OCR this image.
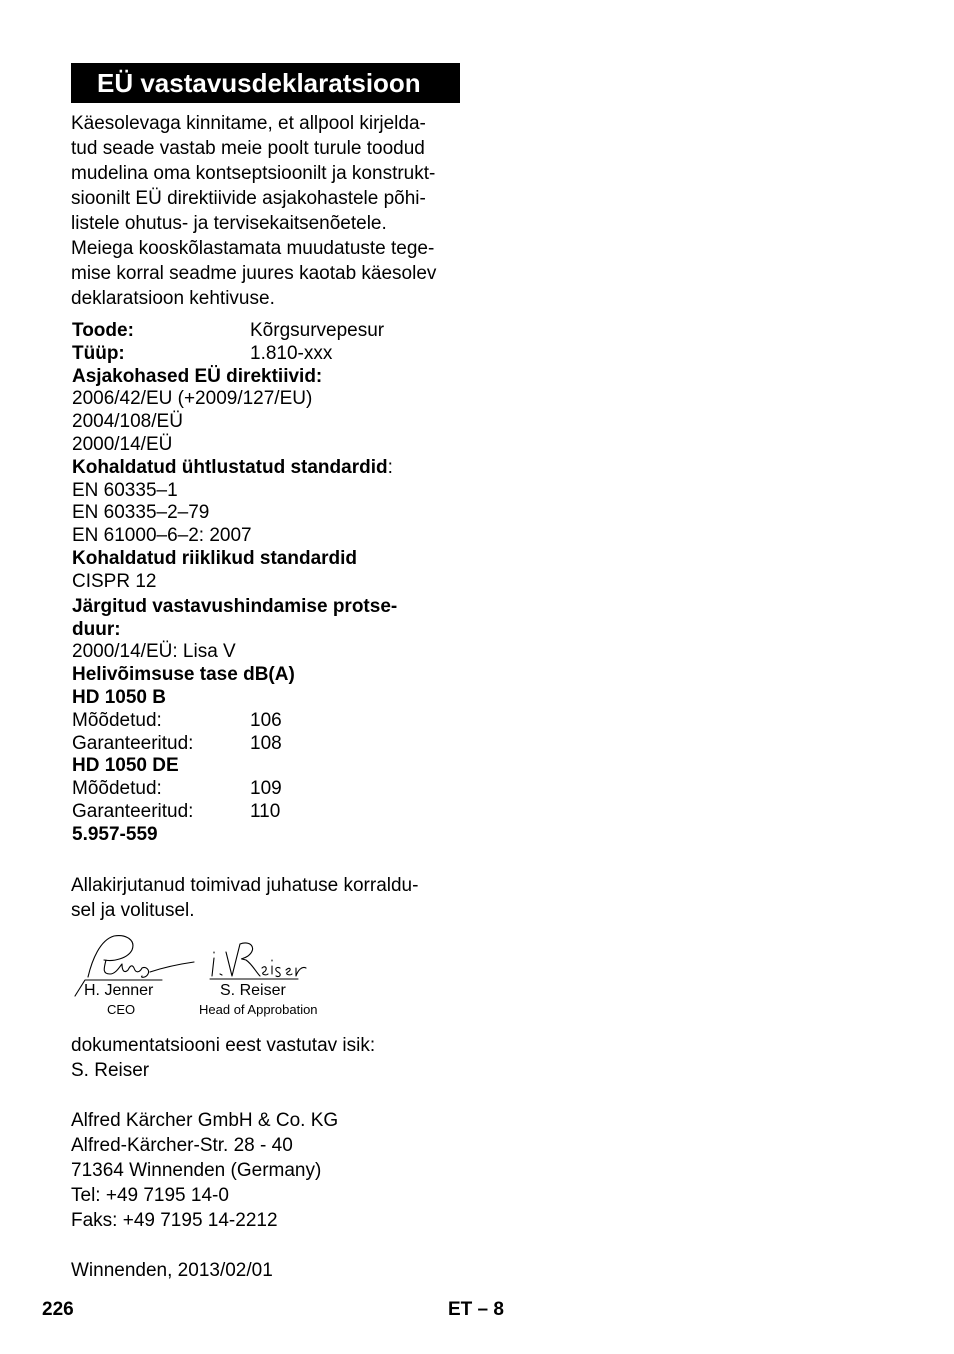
EÜ vastavusdeklaratsioon
Käesolevaga kinnitame, et allpool kirjelda-
tud seade vastab meie poolt turule toodud
mudelina oma kontseptsioonilt ja konstrukt-
sioonilt EÜ direktiivide asjakohastele põhi-
listele ohutus- ja tervisekaitsenõetele.
Meiega kooskõlastamata muudatuste tege-
mise korral seadme juures kaotab käesolev
deklaratsioon kehtivuse.
Toode:	Kõrgsurvepesur
Tüüp:	1.810-xxx
Asjakohased EÜ direktiivid:
2006/42/EU (+2009/127/EU)
2004/108/EÜ
2000/14/EÜ
Kohaldatud ühtlustatud standardid:
EN 60335–1
EN 60335–2–79
EN 61000–6–2: 2007
Kohaldatud riiklikud standardid
CISPR 12
Järgitud vastavushindamise protse-
duur:
2000/14/EÜ: Lisa V
Helivõimsuse tase dB(A)
HD 1050 B
Mõõdetud:	106
Garanteeritud:	108
HD 1050 DE
Mõõdetud:	109
Garanteeritud:	110
5.957-559
Allakirjutanud toimivad juhatuse korraldu-
sel ja volitusel.
H. Jenner
CEO
S. Reiser
Head of Approbation
dokumentatsiooni eest vastutav isik:
S. Reiser
Alfred Kärcher GmbH & Co. KG
Alfred-Kärcher-Str. 28 - 40
71364 Winnenden (Germany)
Tel: +49 7195 14-0
Faks: +49 7195 14-2212
Winnenden, 2013/02/01
226	ET – 8
